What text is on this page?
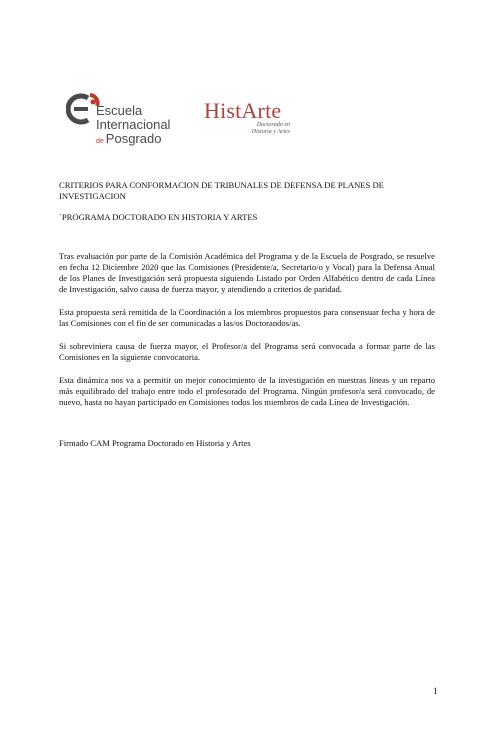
Escuela
Internacional
de Posgrado
HistArte
Doctorado en
Historia y Artes
CRITERIOS PARA CONFORMACION DE TRIBUNALES DE DEFENSA DE PLANES DE INVESTIGACION
`PROGRAMA DOCTORADO EN HISTORIA Y ARTES

Tras evaluación por parte de la Comisión Académica del Programa y de la Escuela de Posgrado, se resuelve en fecha 12 Diciembre 2020 que las Comisiones (Presidente/a, Secretario/o y Vocal) para la Defensa Anual de los Planes de Investigación será propuesta siguiendo Listado por Orden Alfabético dentro de cada Línea de Investigación, salvo causa de fuerza mayor, y atendiendo a criterios de paridad.

Esta propuesta será remitida de la Coordinación a los miembros propuestos para consensuar fecha y hora de las Comisiones con el fin de ser comunicadas a las/os Doctorandos/as.

Si sobreviniera causa de fuerza mayor, el Profesor/a del Programa será convocada a formar parte de las Comisiones en la siguiente convocatoria.

Esta dinámica nos va a permitir un mejor conocimiento de la investigación en nuestras líneas y un reparto más equilibrado del trabajo entre todo el profesorado del Programa. Ningún profesor/a será convocado, de nuevo, hasta no hayan participado en Comisiones todos los miembros de cada Línea de Investigación.

Firmado CAM Programa Doctorado en Historia y Artes
1
